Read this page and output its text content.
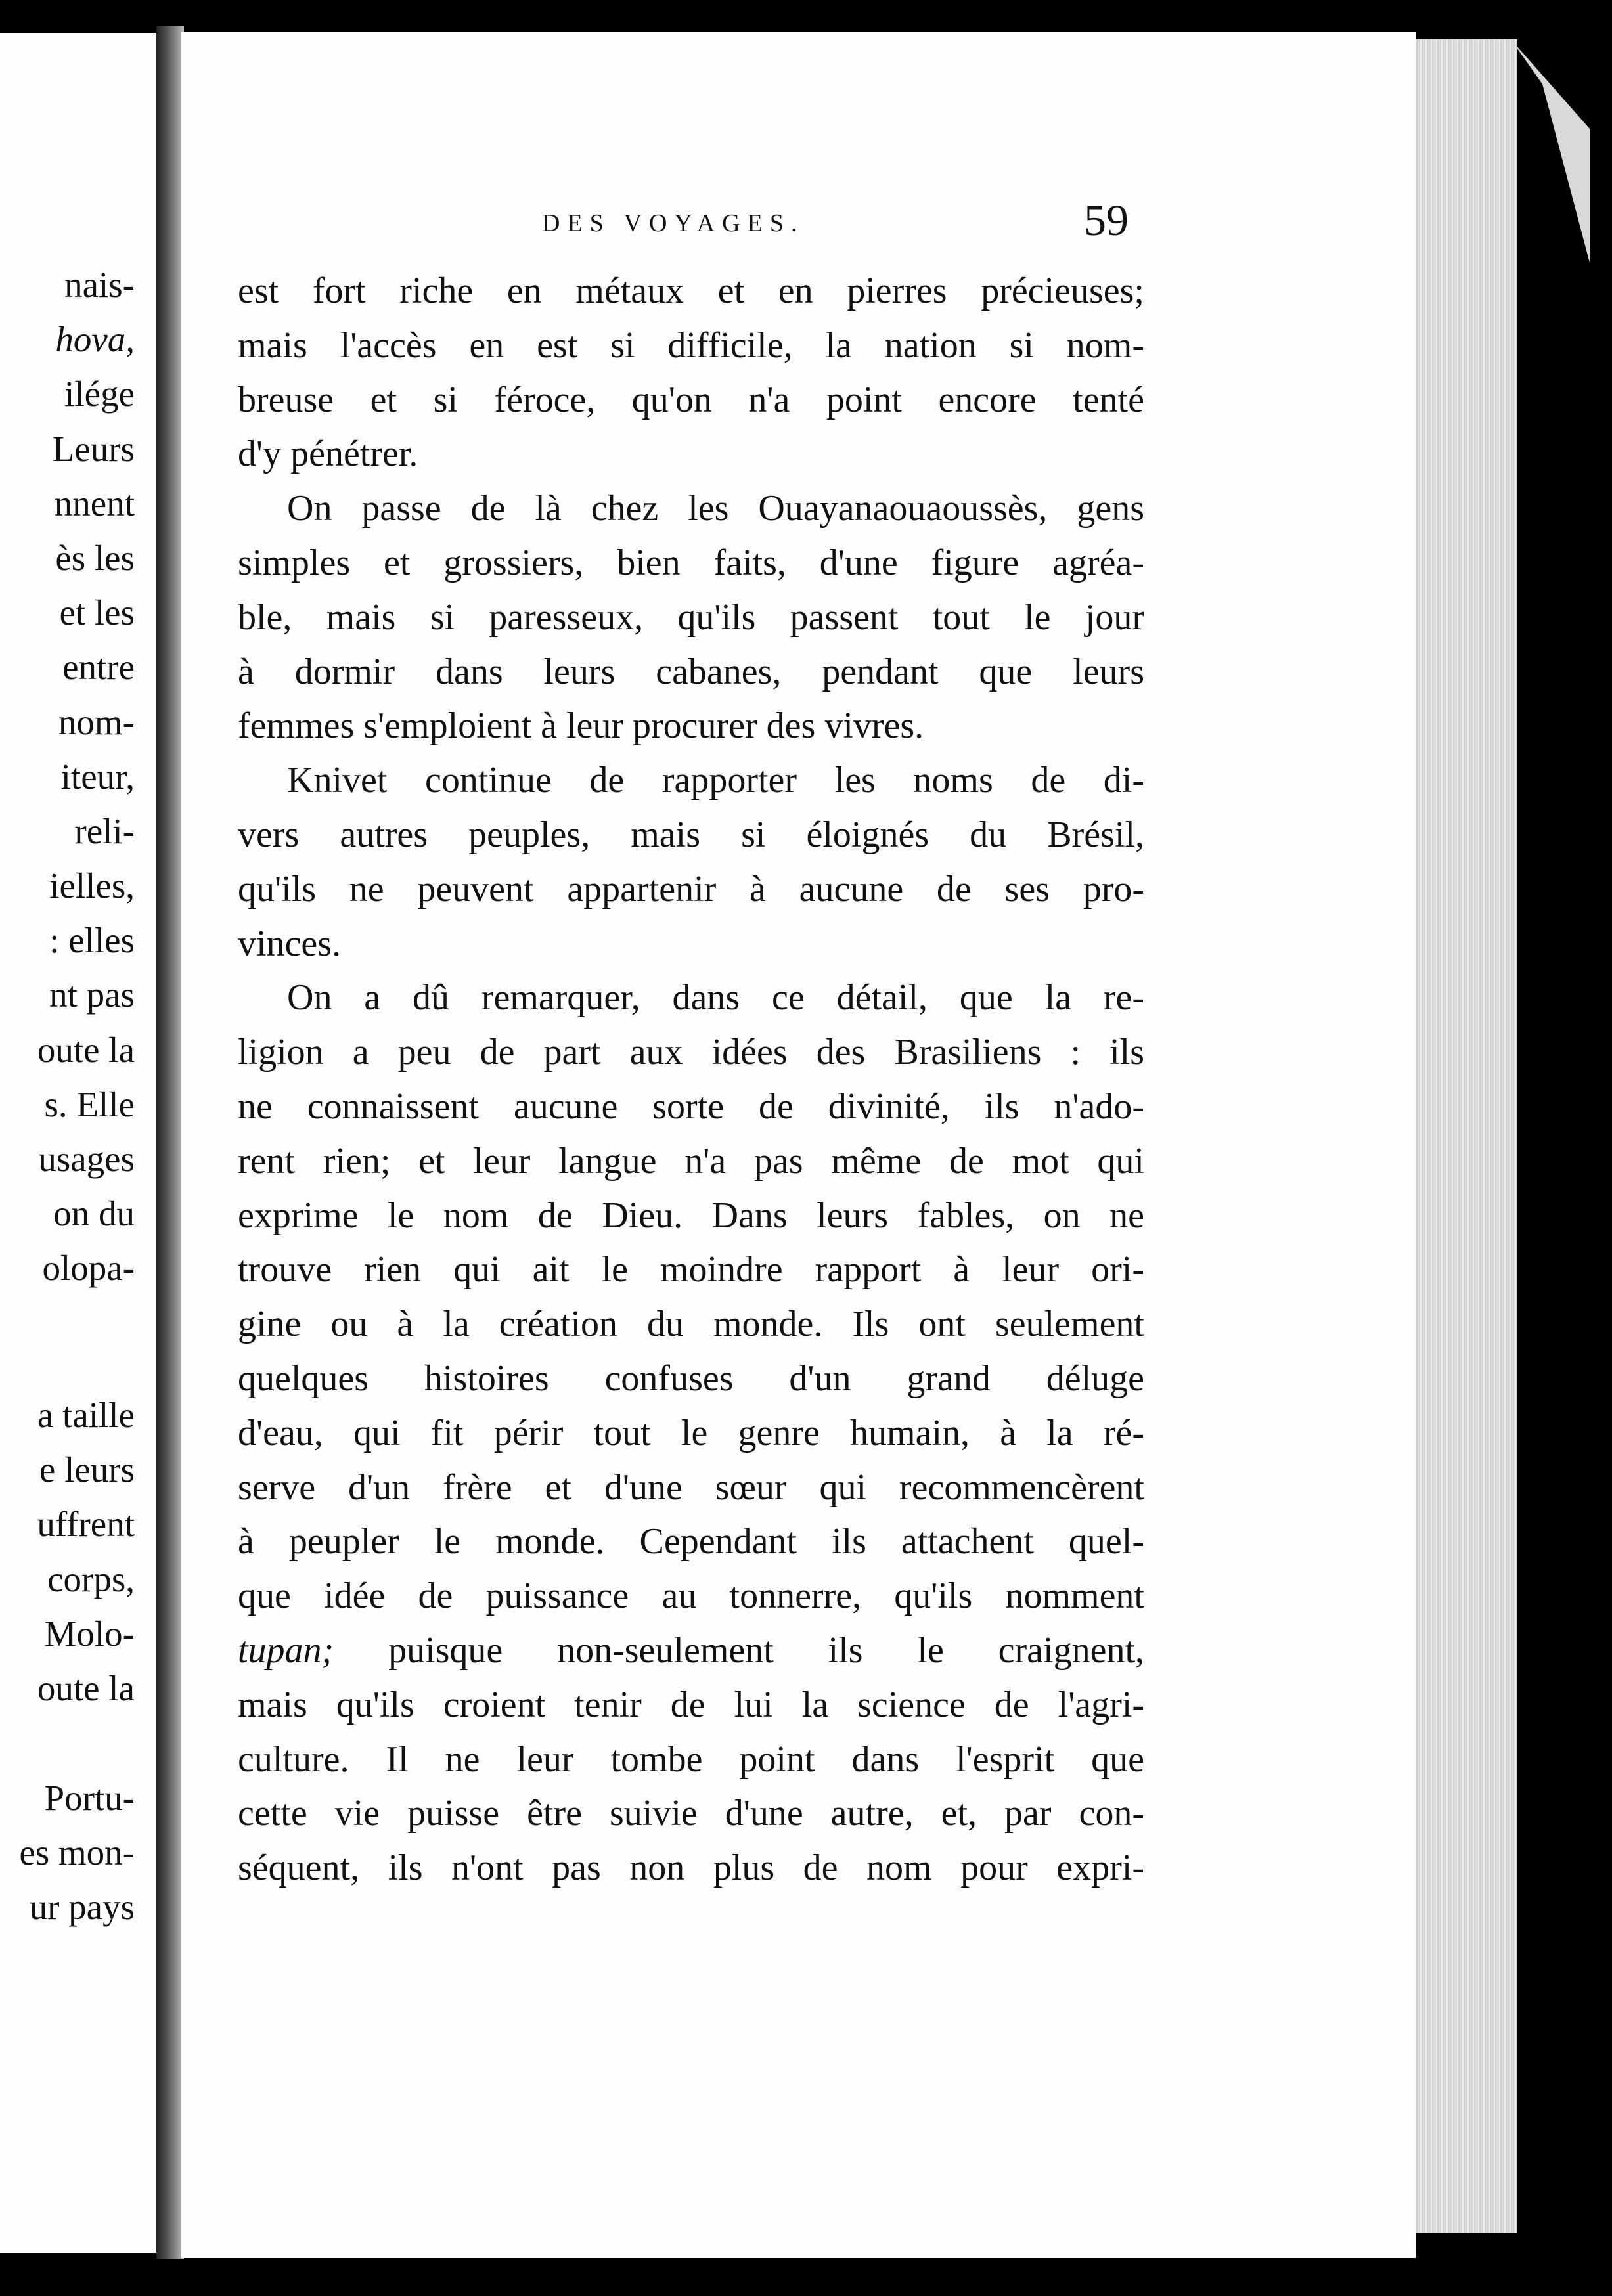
nais-
hova,
ilége
Leurs
nnent
ès les
et les
entre
nom-
iteur,
reli-
ielles,
: elles
nt pas
oute la
s. Elle
usages
on du
olopa-
a taille
e leurs
uffrent
corps,
Molo-
oute la
Portu-
es mon-
ur pays
DES VOYAGES.	59
est fort riche en métaux et en pierres précieuses;
mais l'accès en est si difficile, la nation si nom-
breuse et si féroce, qu'on n'a point encore tenté
d'y pénétrer.
On passe de là chez les Ouayanaouaoussès, gens
simples et grossiers, bien faits, d'une figure agréa-
ble, mais si paresseux, qu'ils passent tout le jour
à dormir dans leurs cabanes, pendant que leurs
femmes s'emploient à leur procurer des vivres.
Knivet continue de rapporter les noms de di-
vers autres peuples, mais si éloignés du Brésil,
qu'ils ne peuvent appartenir à aucune de ses pro-
vinces.
On a dû remarquer, dans ce détail, que la re-
ligion a peu de part aux idées des Brasiliens : ils
ne connaissent aucune sorte de divinité, ils n'ado-
rent rien; et leur langue n'a pas même de mot qui
exprime le nom de Dieu. Dans leurs fables, on ne
trouve rien qui ait le moindre rapport à leur ori-
gine ou à la création du monde. Ils ont seulement
quelques histoires confuses d'un grand déluge
d'eau, qui fit périr tout le genre humain, à la ré-
serve d'un frère et d'une sœur qui recommencèrent
à peupler le monde. Cependant ils attachent quel-
que idée de puissance au tonnerre, qu'ils nomment
tupan; puisque non-seulement ils le craignent,
mais qu'ils croient tenir de lui la science de l'agri-
culture. Il ne leur tombe point dans l'esprit que
cette vie puisse être suivie d'une autre, et, par con-
séquent, ils n'ont pas non plus de nom pour expri-
